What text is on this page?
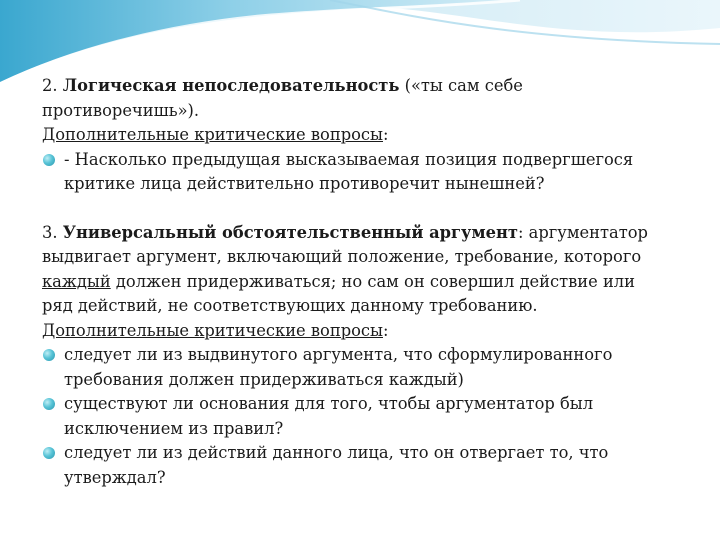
2. Логическая непоследовательность («ты сам себе
противоречишь»).

Дополнительные критические вопросы:

- Насколько предыдущая высказываемая позиция подвергшегося
критике лица действительно противоречит нынешней?

3. Универсальный обстоятельственный аргумент: аргументатор
выдвигает аргумент, включающий положение, требование, которого
каждый должен придерживаться; но сам он совершил действие или
ряд действий, не соответствующих данному требованию.

Дополнительные критические вопросы:

следует ли из выдвинутого аргумента, что сформулированного
требования должен придерживаться каждый)
существуют ли основания для того, чтобы аргументатор был
исключением из правил?
следует ли из действий данного лица, что он отвергает то, что
утверждал?
